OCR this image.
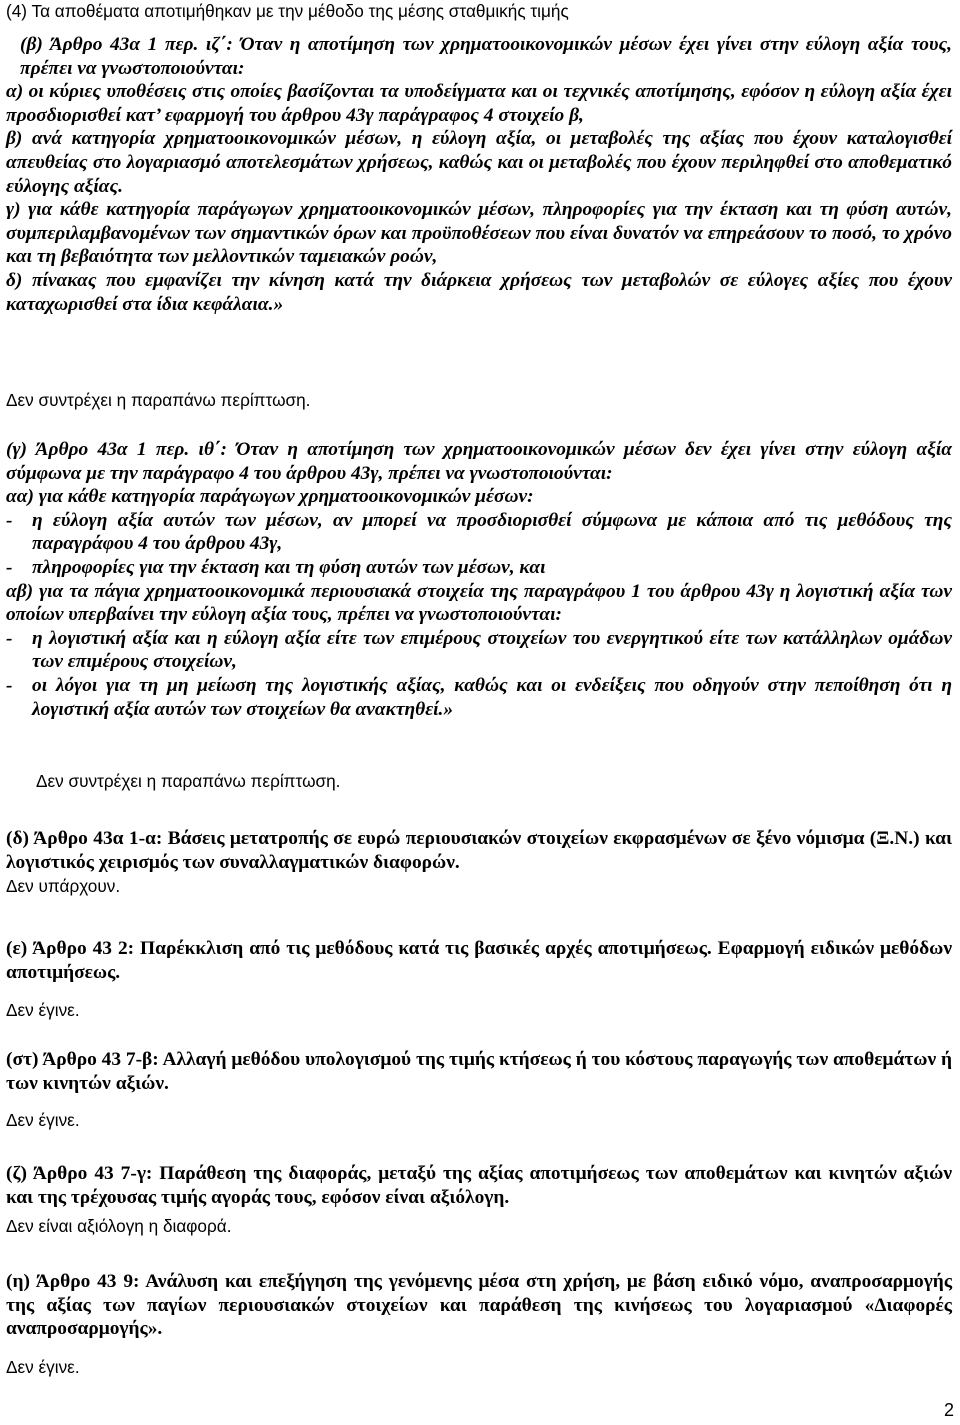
(4) Τα αποθέματα αποτιμήθηκαν με την μέθοδο της μέσης σταθμικής τιμής

(β) Άρθρο 43α 1 περ. ιζ΄: Όταν η αποτίμηση των χρηματοοικονομικών μέσων έχει γίνει στην εύλογη αξία τους, πρέπει να γνωστοποιούνται:

α) οι κύριες υποθέσεις στις οποίες βασίζονται τα υποδείγματα και οι τεχνικές αποτίμησης, εφόσον η εύλογη αξία έχει προσδιορισθεί κατ’ εφαρμογή του άρθρου 43γ παράγραφος 4 στοιχείο β,

β) ανά κατηγορία χρηματοοικονομικών μέσων, η εύλογη αξία, οι μεταβολές της αξίας που έχουν καταλογισθεί απευθείας στο λογαριασμό αποτελεσμάτων χρήσεως, καθώς και οι μεταβολές που έχουν περιληφθεί στο αποθεματικό εύλογης αξίας.

γ) για κάθε κατηγορία παράγωγων χρηματοοικονομικών μέσων, πληροφορίες για την έκταση και τη φύση αυτών, συμπεριλαμβανομένων των σημαντικών όρων και προϋποθέσεων που είναι δυνατόν να επηρεάσουν το ποσό, το χρόνο και τη βεβαιότητα των μελλοντικών ταμειακών ροών,

δ) πίνακας που εμφανίζει την κίνηση κατά την διάρκεια χρήσεως των μεταβολών σε εύλογες αξίες που έχουν καταχωρισθεί στα ίδια κεφάλαια.»

Δεν συντρέχει η παραπάνω περίπτωση.

(γ) Άρθρο 43α 1 περ. ιθ΄: Όταν η αποτίμηση των χρηματοοικονομικών μέσων δεν έχει γίνει στην εύλογη αξία σύμφωνα με την παράγραφο 4 του άρθρου 43γ, πρέπει να γνωστοποιούνται:

αα) για κάθε κατηγορία παράγωγων χρηματοοικονομικών μέσων:

-	η εύλογη αξία αυτών των μέσων, αν μπορεί να προσδιορισθεί σύμφωνα με κάποια από τις μεθόδους της παραγράφου 4 του άρθρου 43γ,
-	πληροφορίες για την έκταση και τη φύση αυτών των μέσων, και

αβ) για τα πάγια χρηματοοικονομικά περιουσιακά στοιχεία της παραγράφου 1 του άρθρου 43γ η λογιστική αξία των οποίων υπερβαίνει την εύλογη αξία τους, πρέπει να γνωστοποιούνται:

-	η λογιστική αξία και η εύλογη αξία είτε των επιμέρους στοιχείων του ενεργητικού είτε των κατάλληλων ομάδων των επιμέρους στοιχείων,
-	οι λόγοι για τη μη μείωση της λογιστικής αξίας, καθώς και οι ενδείξεις που οδηγούν στην πεποίθηση ότι η λογιστική αξία αυτών των στοιχείων θα ανακτηθεί.»

Δεν συντρέχει η παραπάνω περίπτωση.

(δ) Άρθρο 43α 1-α: Βάσεις μετατροπής σε ευρώ περιουσιακών στοιχείων εκφρασμένων σε ξένο νόμισμα (Ξ.Ν.) και λογιστικός χειρισμός των συναλλαγματικών διαφορών.

Δεν υπάρχουν.

(ε) Άρθρο 43 2: Παρέκκλιση από τις μεθόδους κατά τις βασικές αρχές αποτιμήσεως. Εφαρμογή ειδικών μεθόδων αποτιμήσεως.

Δεν έγινε.

(στ) Άρθρο 43 7-β: Αλλαγή μεθόδου υπολογισμού της τιμής κτήσεως ή του κόστους παραγωγής των αποθεμάτων ή των κινητών αξιών.

Δεν έγινε.

(ζ) Άρθρο 43 7-γ: Παράθεση της διαφοράς, μεταξύ της αξίας αποτιμήσεως των αποθεμάτων και κινητών αξιών και της τρέχουσας τιμής αγοράς τους, εφόσον είναι αξιόλογη.

Δεν είναι αξιόλογη η διαφορά.

(η) Άρθρο 43 9: Ανάλυση και επεξήγηση της γενόμενης μέσα στη χρήση, με βάση ειδικό νόμο, αναπροσαρμογής της αξίας των παγίων περιουσιακών στοιχείων και παράθεση της κινήσεως του λογαριασμού «Διαφορές αναπροσαρμογής».

Δεν έγινε.

2
